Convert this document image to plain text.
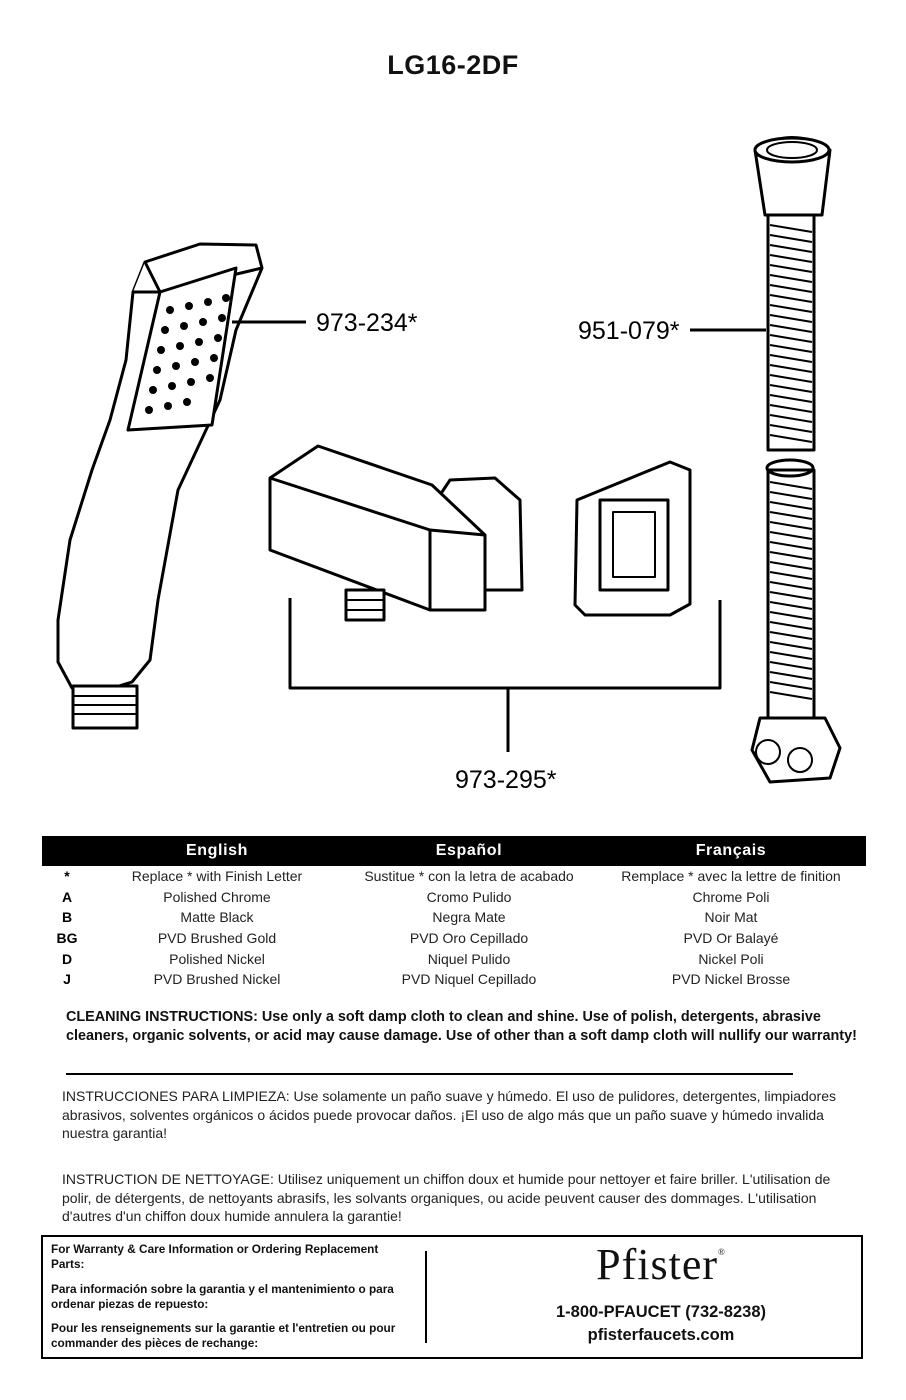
LG16-2DF
973-234*	951-079*
973-295*
	English	Español	Français
*	Replace * with Finish Letter	Sustitue * con la letra de acabado	Remplace * avec la lettre de finition
A	Polished Chrome	Cromo Pulido	Chrome Poli
B	Matte Black	Negra Mate	Noir Mat
BG	PVD Brushed Gold	PVD Oro Cepillado	PVD Or Balayé
D	Polished Nickel	Niquel Pulido	Nickel Poli
J	PVD Brushed Nickel	PVD Niquel Cepillado	PVD Nickel Brosse
CLEANING INSTRUCTIONS: Use only a soft damp cloth to clean and shine. Use of polish, detergents, abrasive cleaners, organic solvents, or acid may cause damage. Use of other than a soft damp cloth will nullify our warranty!
INSTRUCCIONES PARA LIMPIEZA: Use solamente un paño suave y húmedo. El uso de pulidores, detergentes, limpiadores abrasivos, solventes orgánicos o ácidos puede provocar daños. ¡El uso de algo más que un paño suave y húmedo invalida nuestra garantia!
INSTRUCTION DE NETTOYAGE: Utilisez uniquement un chiffon doux et humide pour nettoyer et faire briller. L'utilisation de polir, de détergents, de nettoyants abrasifs, les solvants organiques, ou acide peuvent causer des dommages. L'utilisation d'autres d'un chiffon doux humide annulera la garantie!
For Warranty & Care Information or Ordering Replacement Parts:
Para información sobre la garantia y el mantenimiento o para ordenar piezas de repuesto:
Pour les renseignements sur la garantie et l'entretien ou pour commander des pièces de rechange:
Pfister®
1-800-PFAUCET (732-8238)
pfisterfaucets.com
